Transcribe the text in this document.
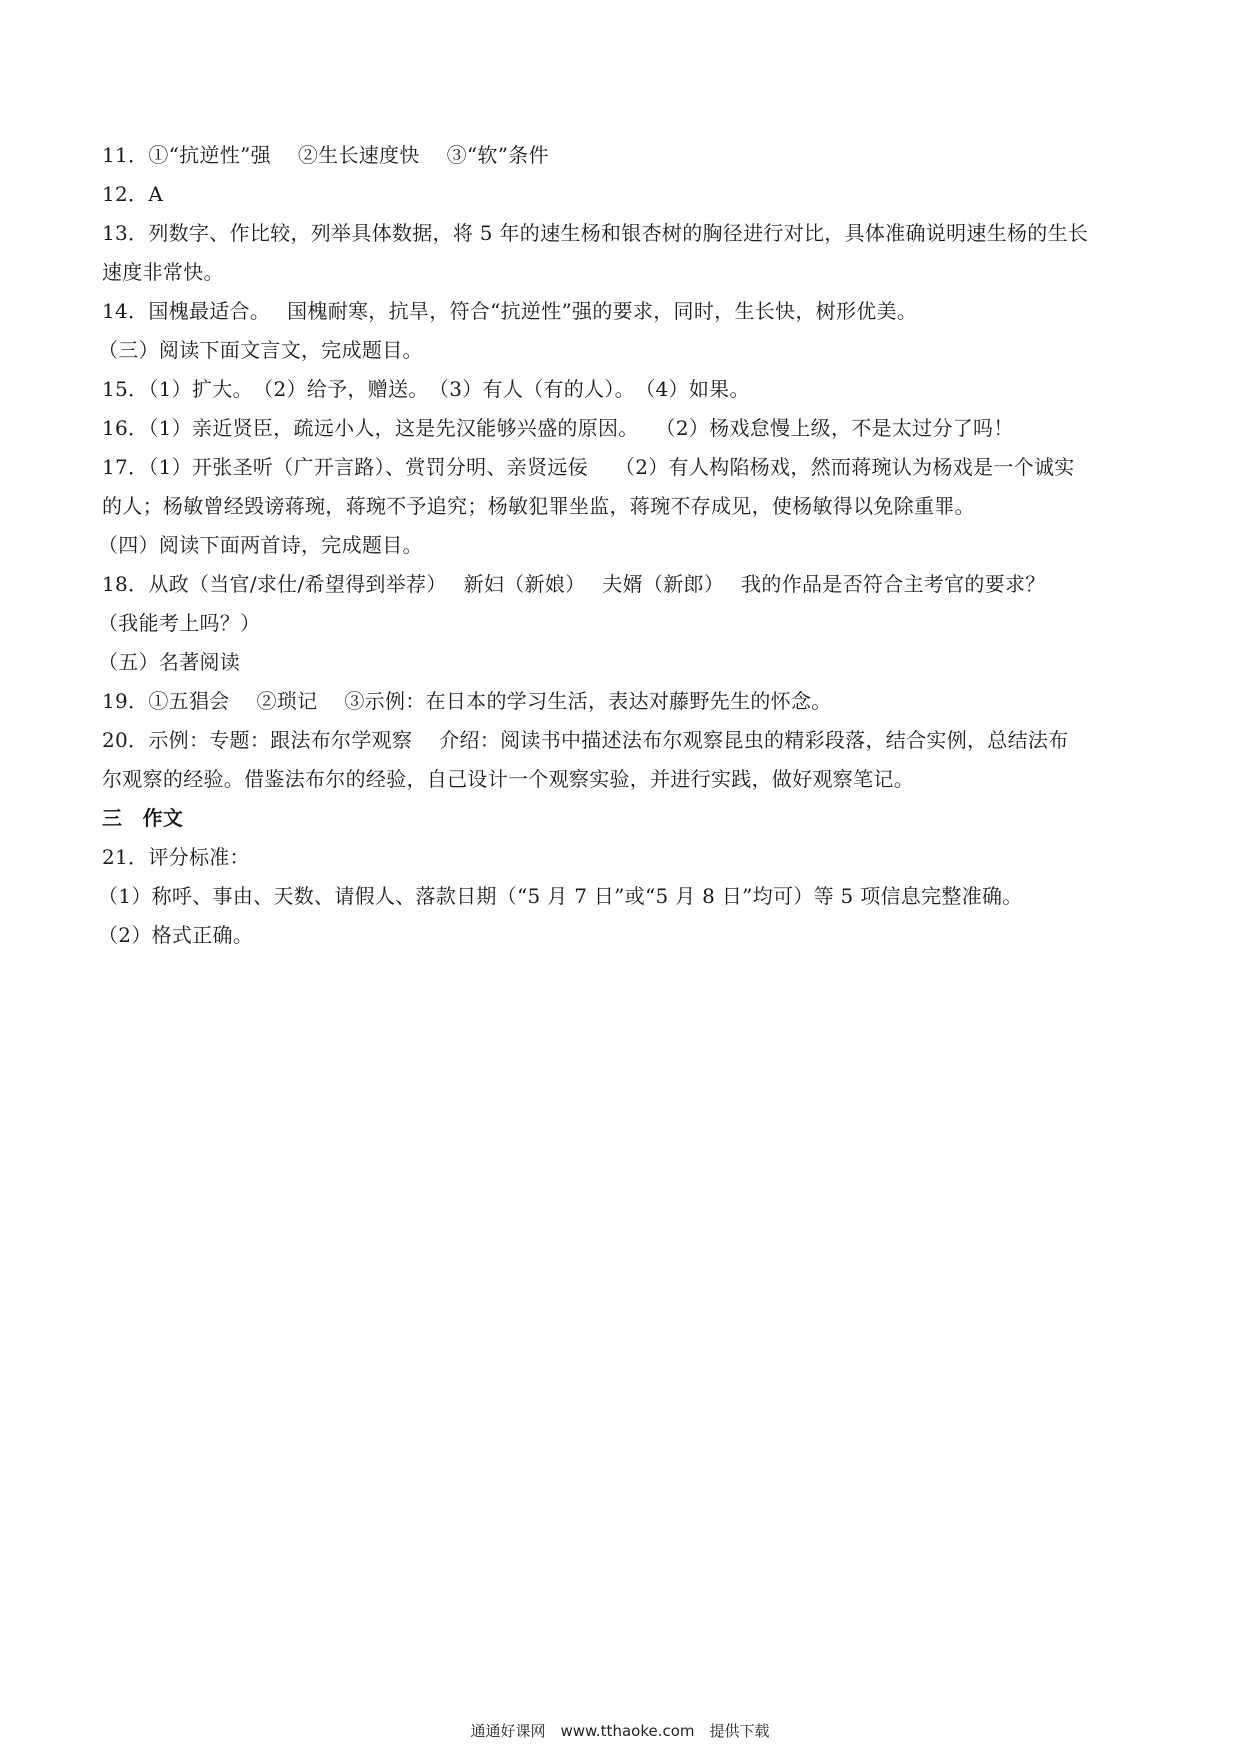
11．①“抗逆性”强　 ②生长速度快　 ③“软”条件
12．A
13．列数字、作比较，列举具体数据，将 5 年的速生杨和银杏树的胸径进行对比，具体准确说明速生杨的生长
速度非常快。
14．国槐最适合。　 国槐耐寒，抗旱，符合“抗逆性”强的要求，同时，生长快，树形优美。
（三）阅读下面文言文，完成题目。
15．（1）扩大。　（2）给予，赠送。　（3）有人（有的人）。　（4）如果。
16．（1）亲近贤臣，疏远小人，这是先汉能够兴盛的原因。　 （2）杨戏怠慢上级，不是太过分了吗！
17．（1）开张圣听（广开言路）、赏罚分明、亲贤远佞　 （2）有人构陷杨戏，然而蒋琬认为杨戏是一个诚实
的人；杨敏曾经毁谤蒋琬，蒋琬不予追究；杨敏犯罪坐监，蒋琬不存成见，使杨敏得以免除重罪。
（四）阅读下面两首诗，完成题目。
18．从政（当官/求仕/希望得到举荐）　 新妇（新娘）　 夫婿（新郎）　 我的作品是否符合主考官的要求？
（我能考上吗？）
（五）名著阅读
19．①五猖会　 ②琐记　 ③示例：在日本的学习生活，表达对藤野先生的怀念。
20．示例：专题：跟法布尔学观察　 介绍：阅读书中描述法布尔观察昆虫的精彩段落，结合实例，总结法布
尔观察的经验。借鉴法布尔的经验，自己设计一个观察实验，并进行实践，做好观察笔记。
三　作文
21．评分标准：
（1）称呼、事由、天数、请假人、落款日期（“5 月 7 日”或“5 月 8 日”均可）等 5 项信息完整准确。
（2）格式正确。
通通好课网　www.tthaoke.com　提供下载
